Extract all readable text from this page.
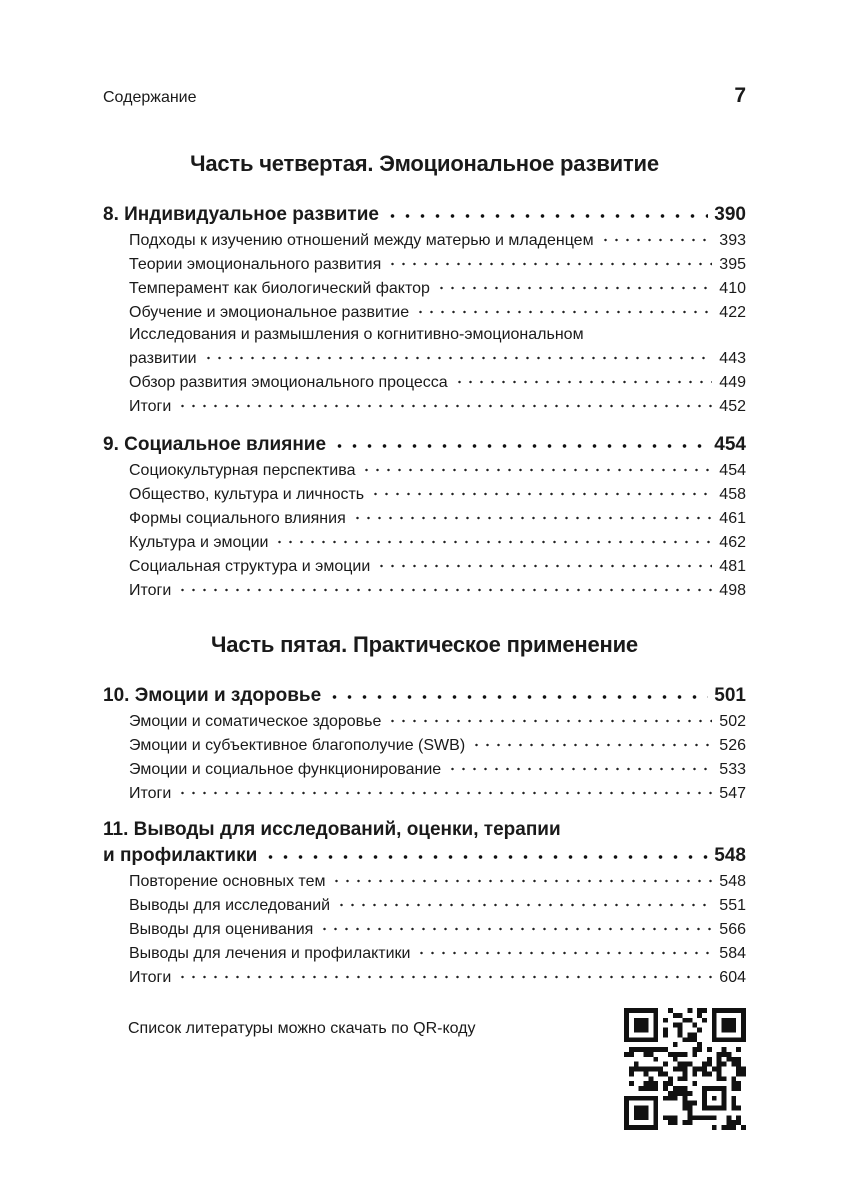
Содержание	7
Часть четвертая. Эмоциональное развитие
8. Индивидуальное развитие	390
Подходы к изучению отношений между матерью и младенцем	393
Теории эмоционального развития	395
Темперамент как биологический фактор	410
Обучение и эмоциональное развитие	422
Исследования и размышления о когнитивно-эмоциональном
развитии	443
Обзор развития эмоционального процесса	449
Итоги	452
9. Социальное влияние	454
Социокультурная перспектива	454
Общество, культура и личность	458
Формы социального влияния	461
Культура и эмоции	462
Социальная структура и эмоции	481
Итоги	498
Часть пятая. Практическое применение
10. Эмоции и здоровье	501
Эмоции и соматическое здоровье	502
Эмоции и субъективное благополучие (SWB)	526
Эмоции и социальное функционирование	533
Итоги	547
11. Выводы для исследований, оценки, терапии
и профилактики	548
Повторение основных тем	548
Выводы для исследований	551
Выводы для оценивания	566
Выводы для лечения и профилактики	584
Итоги	604
Список литературы можно скачать по QR-коду
